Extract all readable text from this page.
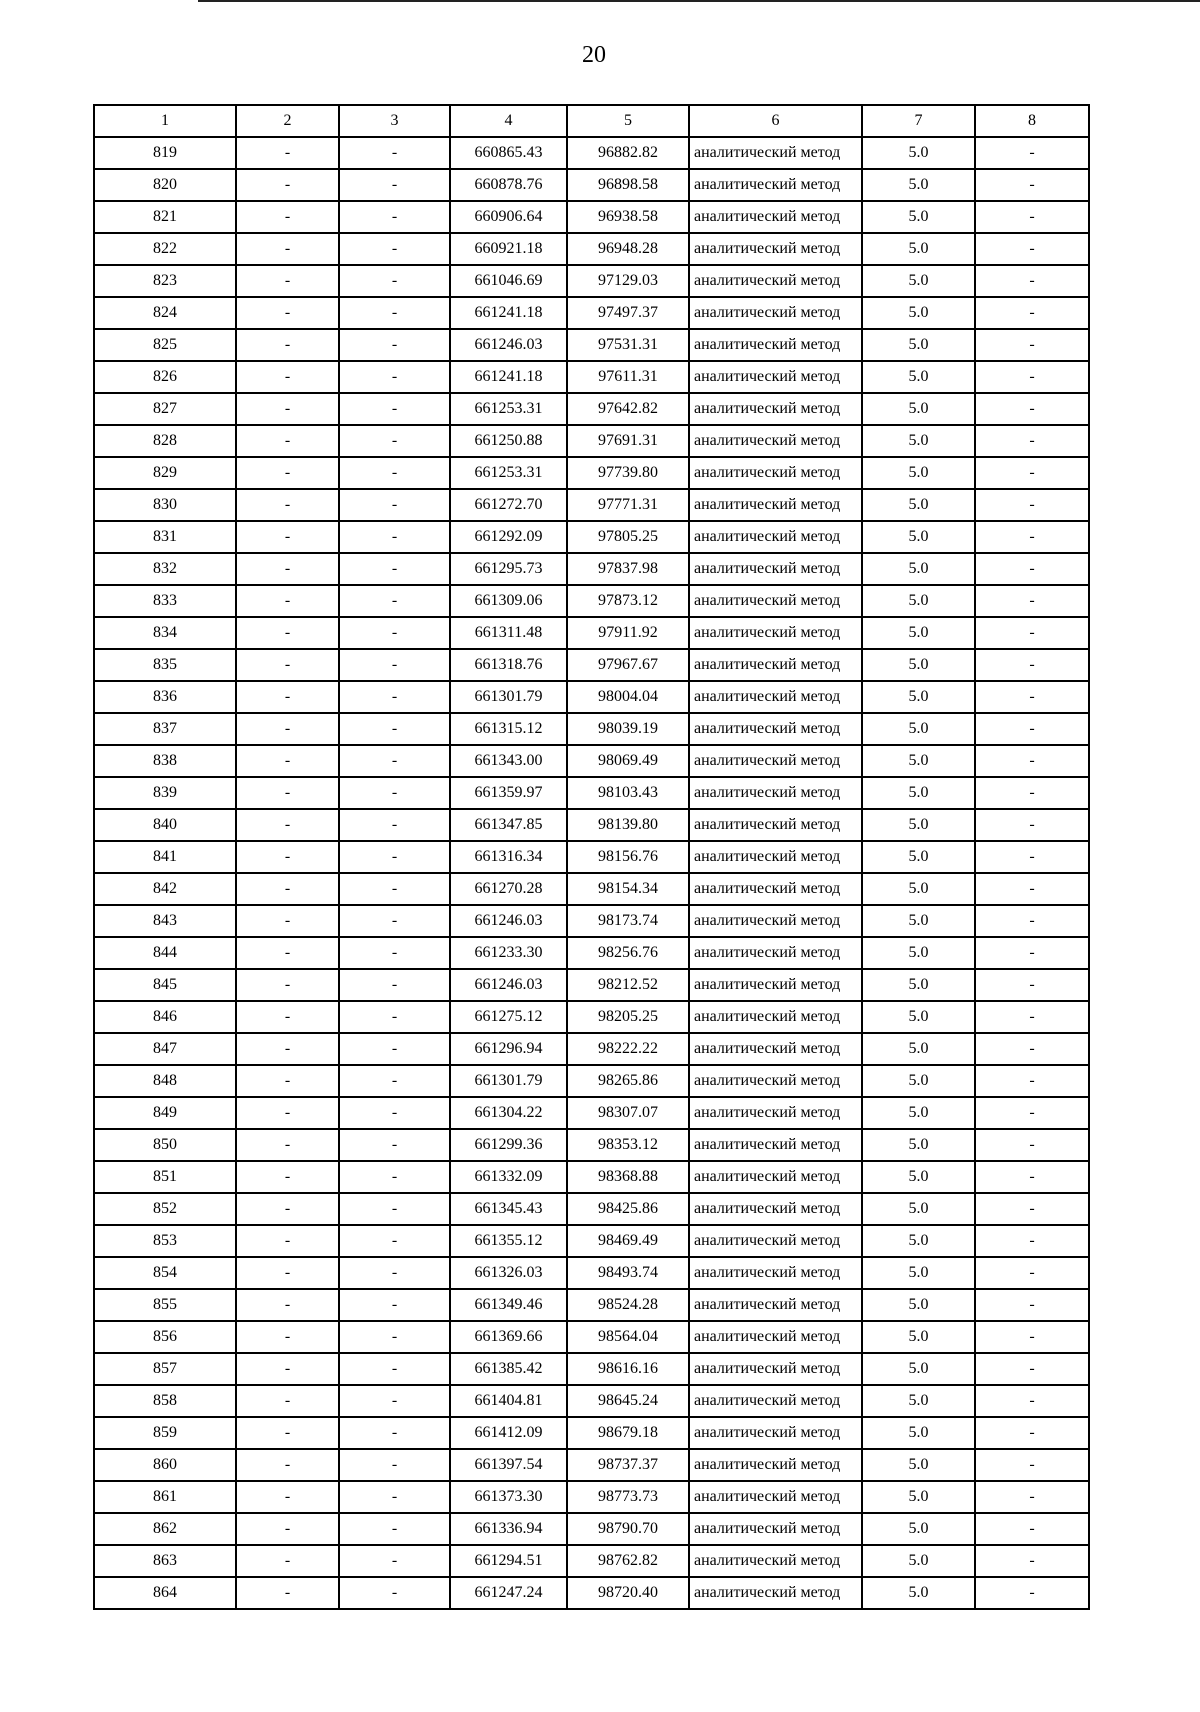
20
1	2	3	4	5	6	7	8
819	-	-	660865.43	96882.82	аналитический метод	5.0	-
820	-	-	660878.76	96898.58	аналитический метод	5.0	-
821	-	-	660906.64	96938.58	аналитический метод	5.0	-
822	-	-	660921.18	96948.28	аналитический метод	5.0	-
823	-	-	661046.69	97129.03	аналитический метод	5.0	-
824	-	-	661241.18	97497.37	аналитический метод	5.0	-
825	-	-	661246.03	97531.31	аналитический метод	5.0	-
826	-	-	661241.18	97611.31	аналитический метод	5.0	-
827	-	-	661253.31	97642.82	аналитический метод	5.0	-
828	-	-	661250.88	97691.31	аналитический метод	5.0	-
829	-	-	661253.31	97739.80	аналитический метод	5.0	-
830	-	-	661272.70	97771.31	аналитический метод	5.0	-
831	-	-	661292.09	97805.25	аналитический метод	5.0	-
832	-	-	661295.73	97837.98	аналитический метод	5.0	-
833	-	-	661309.06	97873.12	аналитический метод	5.0	-
834	-	-	661311.48	97911.92	аналитический метод	5.0	-
835	-	-	661318.76	97967.67	аналитический метод	5.0	-
836	-	-	661301.79	98004.04	аналитический метод	5.0	-
837	-	-	661315.12	98039.19	аналитический метод	5.0	-
838	-	-	661343.00	98069.49	аналитический метод	5.0	-
839	-	-	661359.97	98103.43	аналитический метод	5.0	-
840	-	-	661347.85	98139.80	аналитический метод	5.0	-
841	-	-	661316.34	98156.76	аналитический метод	5.0	-
842	-	-	661270.28	98154.34	аналитический метод	5.0	-
843	-	-	661246.03	98173.74	аналитический метод	5.0	-
844	-	-	661233.30	98256.76	аналитический метод	5.0	-
845	-	-	661246.03	98212.52	аналитический метод	5.0	-
846	-	-	661275.12	98205.25	аналитический метод	5.0	-
847	-	-	661296.94	98222.22	аналитический метод	5.0	-
848	-	-	661301.79	98265.86	аналитический метод	5.0	-
849	-	-	661304.22	98307.07	аналитический метод	5.0	-
850	-	-	661299.36	98353.12	аналитический метод	5.0	-
851	-	-	661332.09	98368.88	аналитический метод	5.0	-
852	-	-	661345.43	98425.86	аналитический метод	5.0	-
853	-	-	661355.12	98469.49	аналитический метод	5.0	-
854	-	-	661326.03	98493.74	аналитический метод	5.0	-
855	-	-	661349.46	98524.28	аналитический метод	5.0	-
856	-	-	661369.66	98564.04	аналитический метод	5.0	-
857	-	-	661385.42	98616.16	аналитический метод	5.0	-
858	-	-	661404.81	98645.24	аналитический метод	5.0	-
859	-	-	661412.09	98679.18	аналитический метод	5.0	-
860	-	-	661397.54	98737.37	аналитический метод	5.0	-
861	-	-	661373.30	98773.73	аналитический метод	5.0	-
862	-	-	661336.94	98790.70	аналитический метод	5.0	-
863	-	-	661294.51	98762.82	аналитический метод	5.0	-
864	-	-	661247.24	98720.40	аналитический метод	5.0	-
